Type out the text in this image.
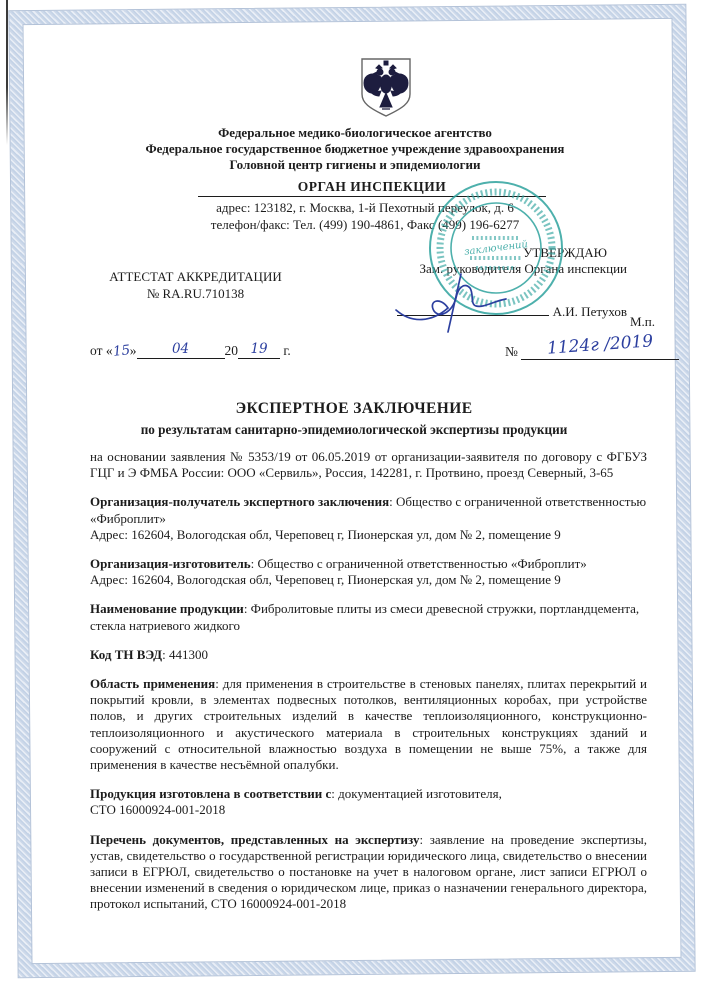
Федеральное медико-биологическое агентство
Федеральное государственное бюджетное учреждение здравоохранения
Головной центр гигиены и эпидемиологии
ОРГАН ИНСПЕКЦИИ
адрес: 123182, г. Москва, 1-й Пехотный переулок, д. 6
телефон/факс: Тел. (499) 190-4861, Факс (499) 196-6277
АТТЕСТАТ АККРЕДИТАЦИИ
№ RA.RU.710138
УТВЕРЖДАЮ
Зам. руководителя Органа инспекции
А.И. Петухов
М.п.
заключений
от «15»	04	20 19 г.	№ 1124г /2019
ЭКСПЕРТНОЕ ЗАКЛЮЧЕНИЕ
по результатам санитарно-эпидемиологической экспертизы продукции

на основании заявления № 5353/19 от 06.05.2019 от организации-заявителя по договору с ФГБУЗ ГЦГ и Э ФМБА России: ООО «Сервиль», Россия, 142281, г. Протвино, проезд Северный, 3-65

Организация-получатель экспертного заключения: Общество с ограниченной ответственностью «Фиброплит»
Адрес: 162604, Вологодская обл, Череповец г, Пионерская ул, дом № 2, помещение 9

Организация-изготовитель: Общество с ограниченной ответственностью «Фиброплит»
Адрес: 162604, Вологодская обл, Череповец г, Пионерская ул, дом № 2, помещение 9

Наименование продукции: Фибролитовые плиты из смеси древесной стружки, портландцемента, стекла натриевого жидкого

Код ТН ВЭД: 441300

Область применения: для применения в строительстве в стеновых панелях, плитах перекрытий и покрытий кровли, в элементах подвесных потолков, вентиляционных коробах, при устройстве полов, и других строительных изделий в качестве теплоизоляционного, конструкционно-теплоизоляционного и акустического материала в строительных конструкциях зданий и сооружений с относительной влажностью воздуха в помещении не выше 75%, а также для применения в качестве несъёмной опалубки.

Продукция изготовлена в соответствии с: документацией изготовителя,
СТО 16000924-001-2018

Перечень документов, представленных на экспертизу: заявление на проведение экспертизы, устав, свидетельство о государственной регистрации юридического лица, свидетельство о внесении записи в ЕГРЮЛ, свидетельство о постановке на учет в налоговом органе, лист записи ЕГРЮЛ о внесении изменений в сведения о юридическом лице, приказ о назначении генерального директора, протокол испытаний, СТО 16000924-001-2018
